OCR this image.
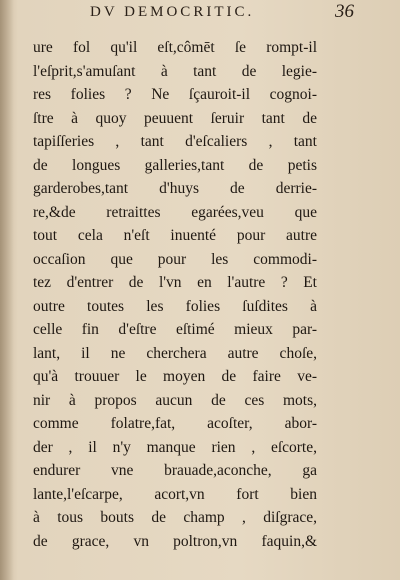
DV DEMOCRITIC.	36
ure fol qu'il eſt,cômēt ſe rompt-il
l'eſprit,s'amuſant à tant de legie-
res folies ? Ne ſçauroit-il cognoi-
ſtre à quoy peuuent ſeruir tant de
tapiſſeries , tant d'eſcaliers , tant
de longues galleries,tant de petis
garderobes,tant d'huys de derrie-
re,&de retraittes egarées,veu que
tout cela n'eſt inuenté pour autre
occaſion que pour les commodi-
tez d'entrer de l'vn en l'autre ? Et
outre toutes les folies ſuſdites à
celle fin d'eſtre eſtimé mieux par-
lant, il ne cherchera autre choſe,
qu'à trouuer le moyen de faire ve-
nir à propos aucun de ces mots,
comme folatre,fat, acoſter, abor-
der , il n'y manque rien , eſcorte,
endurer vne brauade,aconche, ga
lante,l'eſcarpe, acort,vn fort bien
à tous bouts de champ , diſgrace,
de grace, vn poltron,vn faquin,&
